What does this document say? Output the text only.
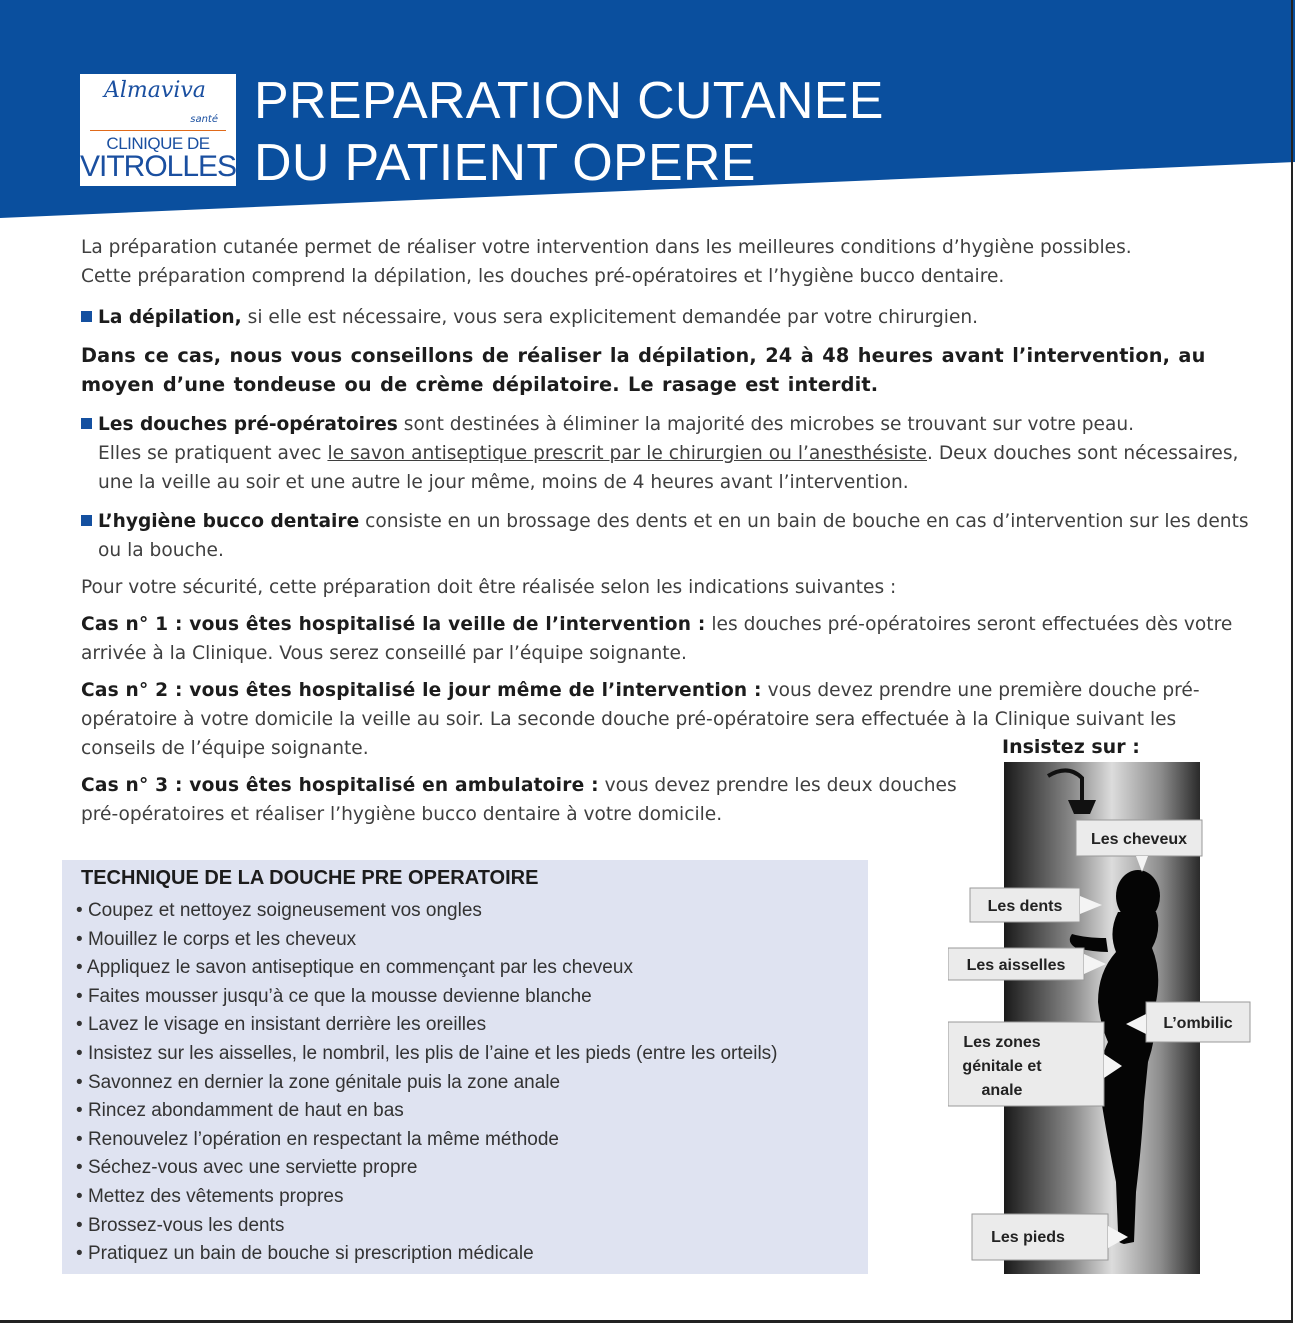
Almaviva
santé
CLINIQUE DE
VITROLLES
PREPARATION CUTANEE
DU PATIENT OPERE

La préparation cutanée permet de réaliser votre intervention dans les meilleures conditions d’hygiène possibles.

Cette préparation comprend la dépilation, les douches pré-opératoires et l’hygiène bucco dentaire.

La dépilation, si elle est nécessaire, vous sera explicitement demandée par votre chirurgien.

Dans ce cas, nous vous conseillons de réaliser la dépilation, 24 à 48 heures avant l’intervention, au moyen d’une tondeuse ou de crème dépilatoire. Le rasage est interdit.

Les douches pré-opératoires sont destinées à éliminer la majorité des microbes se trouvant sur votre peau.

Elles se pratiquent avec le savon antiseptique prescrit par le chirurgien ou l’anesthésiste. Deux douches sont nécessaires, une la veille au soir et une autre le jour même, moins de 4 heures avant l’intervention.

L’hygiène bucco dentaire consiste en un brossage des dents et en un bain de bouche en cas d’intervention sur les dents ou la bouche.

Pour votre sécurité, cette préparation doit être réalisée selon les indications suivantes :

Cas n° 1 : vous êtes hospitalisé la veille de l’intervention : les douches pré-opératoires seront effectuées dès votre arrivée à la Clinique. Vous serez conseillé par l’équipe soignante.

Cas n° 2 : vous êtes hospitalisé le jour même de l’intervention : vous devez prendre une première douche pré-opératoire à votre domicile la veille au soir. La seconde douche pré-opératoire sera effectuée à la Clinique suivant les conseils de l’équipe soignante.

Cas n° 3 : vous êtes hospitalisé en ambulatoire : vous devez prendre les deux douches pré-opératoires et réaliser l’hygiène bucco dentaire à votre domicile.

TECHNIQUE DE LA DOUCHE PRE OPERATOIRE
• Coupez et nettoyez soigneusement vos ongles
• Mouillez le corps et les cheveux
• Appliquez le savon antiseptique en commençant par les cheveux
• Faites mousser jusqu’à ce que la mousse devienne blanche
• Lavez le visage en insistant derrière les oreilles
• Insistez sur les aisselles, le nombril, les plis de l’aine et les pieds (entre les orteils)
• Savonnez en dernier la zone génitale puis la zone anale
• Rincez abondamment de haut en bas
• Renouvelez l’opération en respectant la même méthode
• Séchez-vous avec une serviette propre
• Mettez des vêtements propres
• Brossez-vous les dents
• Pratiquez un bain de bouche si prescription médicale
Insistez sur :
Les cheveux
Les dents
Les aisselles
L’ombilic
Les zones
génitale et
anale
Les pieds
